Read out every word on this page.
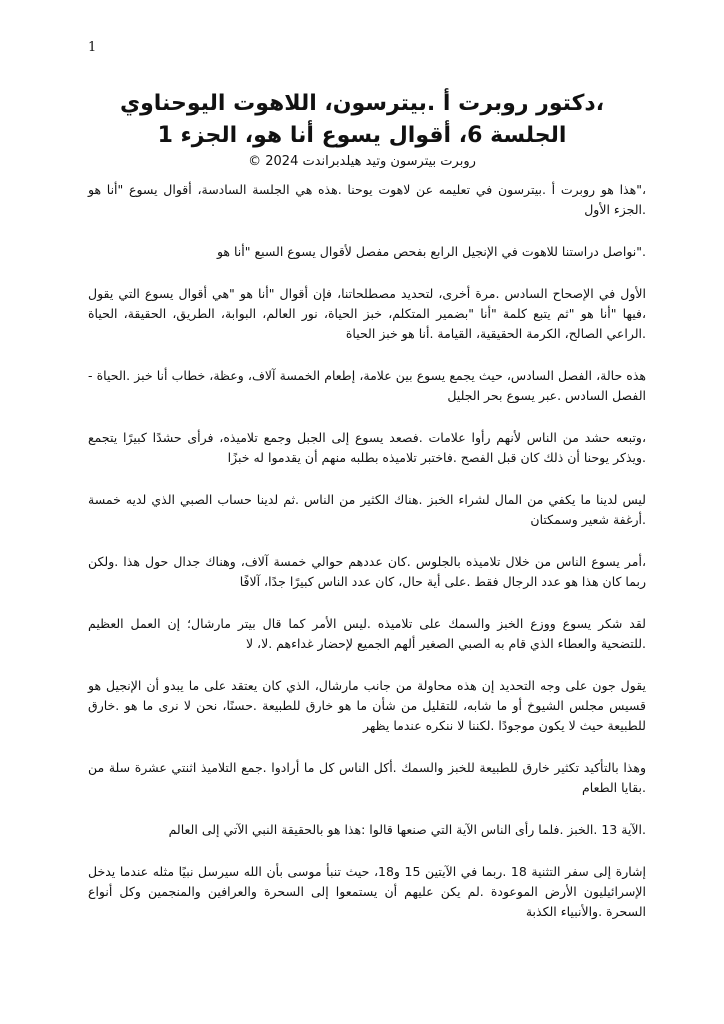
1

،دكتور روبرت أ .بيترسون، اللاهوت اليوحناوي

الجلسة 6، أقوال يسوع أنا هو، الجزء 1

روبرت بيترسون وتيد هيلدبراندت 2024 ©

،"هذا هو روبرت أ .بيترسون في تعليمه عن لاهوت يوحنا .هذه هي الجلسة السادسة، أقوال يسوع "أنا هو .الجزء الأول

."نواصل دراستنا للاهوت في الإنجيل الرابع بفحص مفصل لأقوال يسوع السبع "أنا هو

الأول في الإصحاح السادس .مرة أخرى، لتحديد مصطلحاتنا، فإن أقوال "أنا هو "هي أقوال يسوع التي يقول ،فيها "أنا هو "ثم يتبع كلمة "أنا "بضمير المتكلم، خبز الحياة، نور العالم، البوابة، الطريق، الحقيقة، الحياة .الراعي الصالح، الكرمة الحقيقية، القيامة .أنا هو خبز الحياة

هذه حالة، الفصل السادس، حيث يجمع يسوع بين علامة، إطعام الخمسة آلاف، وعظة، خطاب أنا خبز .الحياة - الفصل السادس .عبر يسوع بحر الجليل

،وتبعه حشد من الناس لأنهم رأوا علامات .فصعد يسوع إلى الجبل وجمع تلاميذه، فرأى حشدًا كبيرًا يتجمع .ويذكر يوحنا أن ذلك كان قبل الفصح .فاختبر تلاميذه بطلبه منهم أن يقدموا له خبزًا

ليس لدينا ما يكفي من المال لشراء الخبز .هناك الكثير من الناس .ثم لدينا حساب الصبي الذي لديه خمسة .أرغفة شعير وسمكتان

،أمر يسوع الناس من خلال تلاميذه بالجلوس .كان عددهم حوالي خمسة آلاف، وهناك جدال حول هذا .ولكن ربما كان هذا هو عدد الرجال فقط .على أية حال، كان عدد الناس كبيرًا جدًا، آلافًا

لقد شكر يسوع ووزع الخبز والسمك على تلاميذه .ليس الأمر كما قال بيتر مارشال؛ إن العمل العظيم .للتضحية والعطاء الذي قام به الصبي الصغير ألهم الجميع لإحضار غداءهم .لا، لا

يقول جون على وجه التحديد إن هذه محاولة من جانب مارشال، الذي كان يعتقد على ما يبدو أن الإنجيل هو قسيس مجلس الشيوخ أو ما شابه، للتقليل من شأن ما هو خارق للطبيعة .حسنًا، نحن لا نرى ما هو .خارق للطبيعة حيث لا يكون موجودًا .لكننا لا ننكره عندما يظهر

وهذا بالتأكيد تكثير خارق للطبيعة للخبز والسمك .أكل الناس كل ما أرادوا .جمع التلاميذ اثنتي عشرة سلة من .بقايا الطعام

.الآية 13 .الخبز .فلما رأى الناس الآية التي صنعها قالوا :هذا هو بالحقيقة النبي الآتي إلى العالم

إشارة إلى سفر التثنية 18 .ربما في الآيتين 15 و18، حيث تنبأ موسى بأن الله سيرسل نبيًا مثله عندما يدخل الإسرائيليون الأرض الموعودة .لم يكن عليهم أن يستمعوا إلى السحرة والعرافين والمنجمين وكل أنواع السحرة .والأنبياء الكذبة
